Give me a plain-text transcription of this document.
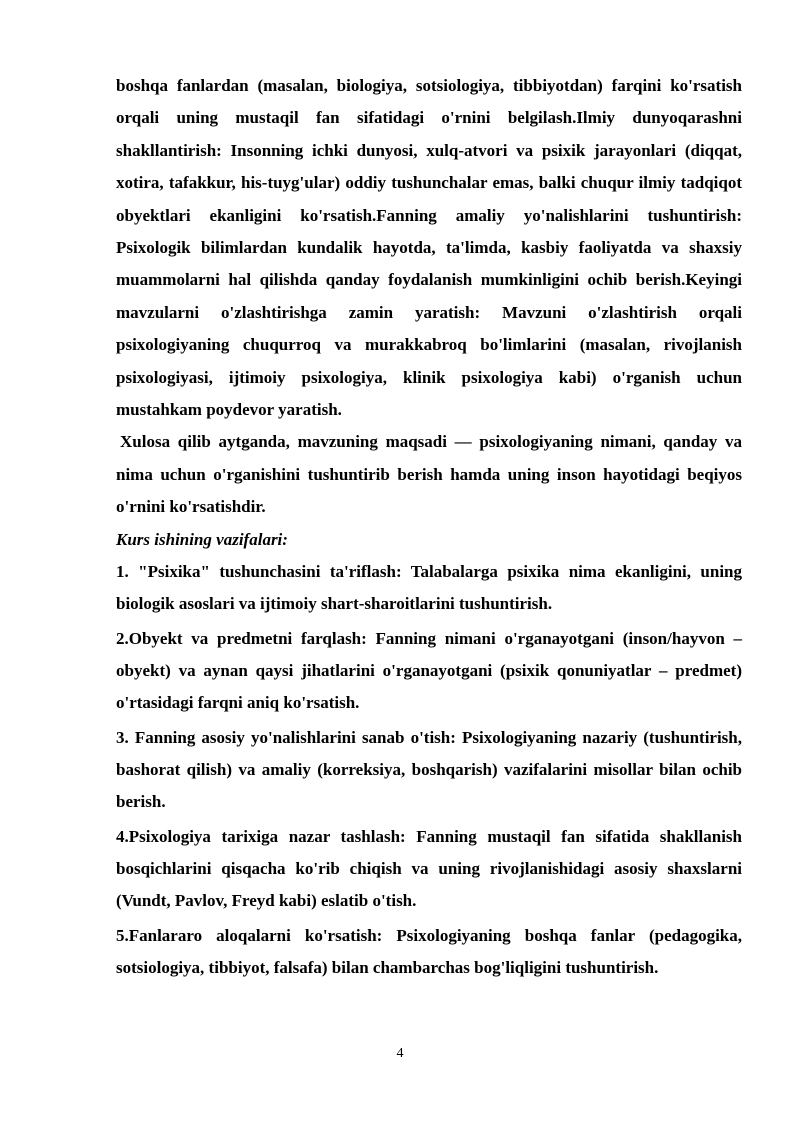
boshqa fanlardan (masalan, biologiya, sotsiologiya, tibbiyotdan) farqini ko'rsatish orqali uning mustaqil fan sifatidagi o'rnini belgilash.Ilmiy dunyoqarashni shakllantirish: Insonning ichki dunyosi, xulq-atvori va psixik jarayonlari (diqqat, xotira, tafakkur, his-tuyg'ular) oddiy tushunchalar emas, balki chuqur ilmiy tadqiqot obyektlari ekanligini ko'rsatish.Fanning amaliy yo'nalishlarini tushuntirish: Psixologik bilimlardan kundalik hayotda, ta'limda, kasbiy faoliyatda va shaxsiy muammolarni hal qilishda qanday foydalanish mumkinligini ochib berish.Keyingi mavzularni o'zlashtirishga zamin yaratish: Mavzuni o'zlashtirish orqali psixologiyaning chuqurroq va murakkabroq bo'limlarini (masalan, rivojlanish psixologiyasi, ijtimoiy psixologiya, klinik psixologiya kabi) o'rganish uchun mustahkam poydevor yaratish.

Xulosa qilib aytganda, mavzuning maqsadi — psixologiyaning nimani, qanday va nima uchun o'rganishini tushuntirib berish hamda uning inson hayotidagi beqiyos o'rnini ko'rsatishdir.

Kurs ishining vazifalari:

1. "Psixika" tushunchasini ta'riflash: Talabalarga psixika nima ekanligini, uning biologik asoslari va ijtimoiy shart-sharoitlarini tushuntirish.

2.Obyekt va predmetni farqlash: Fanning nimani o'rganayotgani (inson/hayvon – obyekt) va aynan qaysi jihatlarini o'rganayotgani (psixik qonuniyatlar – predmet) o'rtasidagi farqni aniq ko'rsatish.

3. Fanning asosiy yo'nalishlarini sanab o'tish: Psixologiyaning nazariy (tushuntirish, bashorat qilish) va amaliy (korreksiya, boshqarish) vazifalarini misollar bilan ochib berish.

4.Psixologiya tarixiga nazar tashlash: Fanning mustaqil fan sifatida shakllanish bosqichlarini qisqacha ko'rib chiqish va uning rivojlanishidagi asosiy shaxslarni (Vundt, Pavlov, Freyd kabi) eslatib o'tish.

5.Fanlararo aloqalarni ko'rsatish: Psixologiyaning boshqa fanlar (pedagogika, sotsiologiya, tibbiyot, falsafa) bilan chambarchas bog'liqligini tushuntirish.

4
